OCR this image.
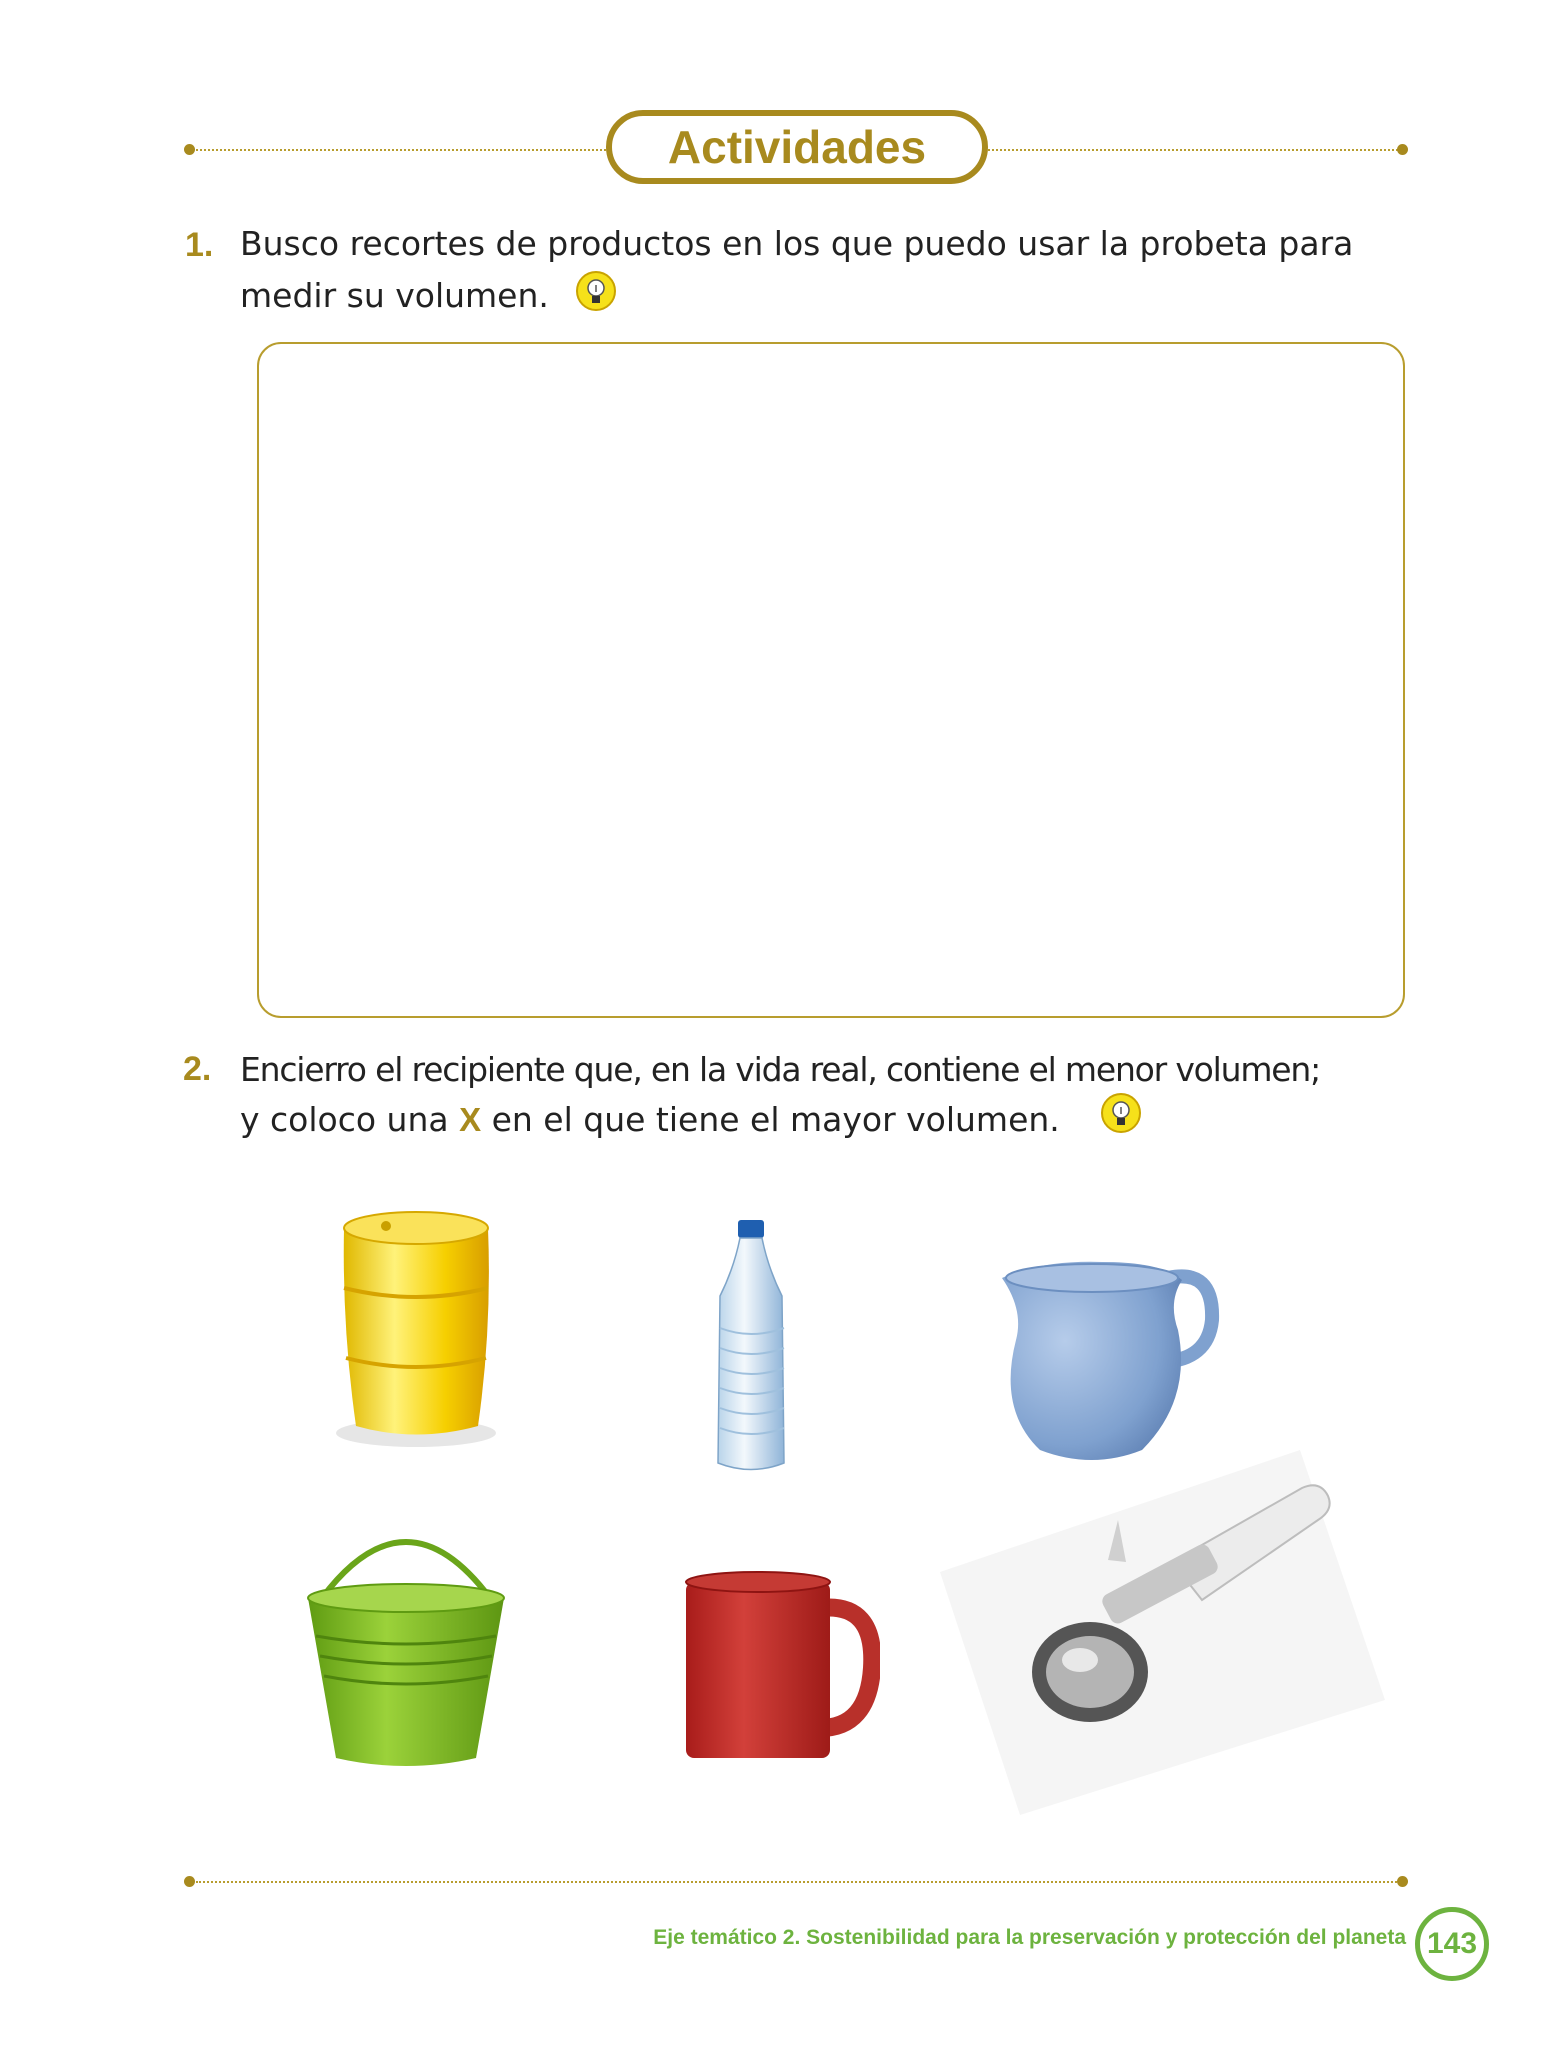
Actividades
1. Busco recortes de productos en los que puedo usar la probeta para
medir su volumen.
2. Encierro el recipiente que, en la vida real, contiene el menor volumen;
y coloco una X en el que tiene el mayor volumen.
Eje temático 2. Sostenibilidad para la preservación y protección del planeta 143
